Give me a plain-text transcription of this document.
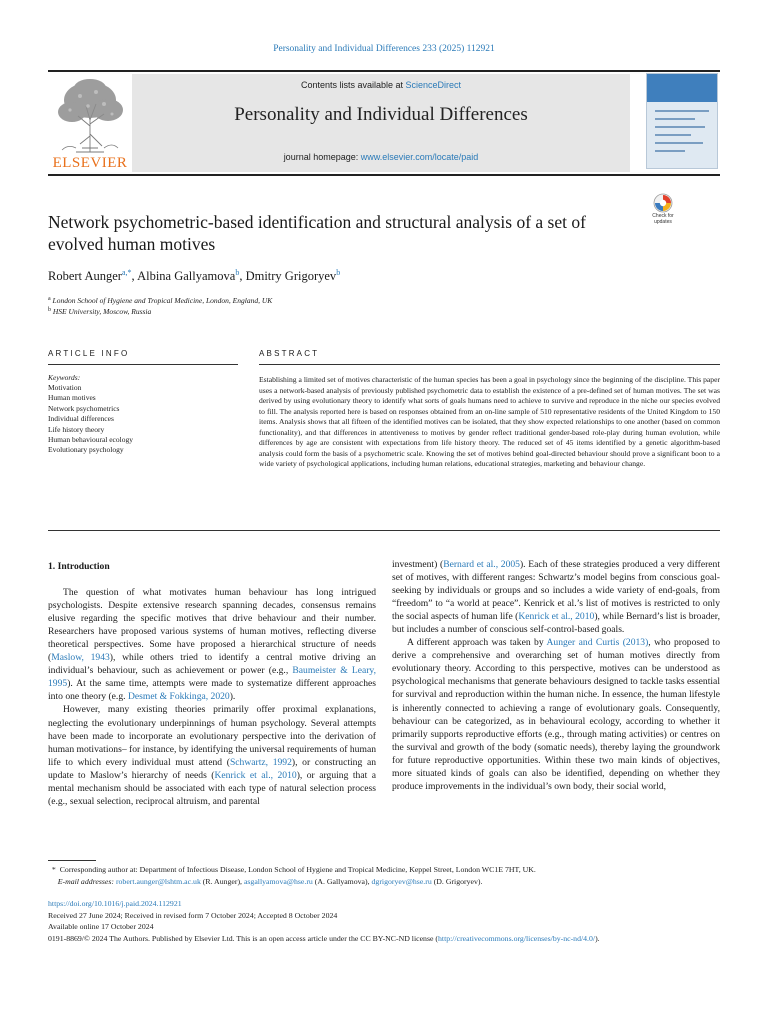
Personality and Individual Differences 233 (2025) 112921
ELSEVIER
Contents lists available at ScienceDirect
Personality and Individual Differences
journal homepage: www.elsevier.com/locate/paid
Check for
updates
Network psychometric-based identification and structural analysis of a set of evolved human motives
Robert Aunger$^{a,*}$, Albina Gallyamova$^b$, Dmitry Grigoryev$^b$
$^a$ London School of Hygiene and Tropical Medicine, London, England, UK
$^b$ HSE University, Moscow, Russia
ARTICLE INFO	ABSTRACT
Keywords:
Motivation
Human motives
Network psychometrics
Individual differences
Life history theory
Human behavioural ecology
Evolutionary psychology
Establishing a limited set of motives characteristic of the human species has been a goal in psychology since the beginning of the discipline. This paper uses a network-based analysis of previously published psychometric data to establish the existence of a pre-defined set of human motives. The set was derived by using evolutionary theory to identify what sorts of goals humans need to achieve to survive and reproduce in the niche our species evolved to fill. The analysis reported here is based on responses obtained from an on-line sample of 510 representative residents of the United Kingdom to 150 items. Analysis shows that all fifteen of the identified motives can be isolated, that they show expected relationships to one another (based on common functionality), and that differences in attentiveness to motives by gender reflect traditional gender-based role-play during human evolution, while differences by age are consistent with expectations from life history theory. The reduced set of 45 items identified by a genetic algorithm-based analysis could form the basis of a psychometric scale. Knowing the set of motives behind goal-directed behaviour should prove a significant boon to a wide variety of psychological applications, including human relations, educational strategies, marketing and behaviour change.

1. Introduction

The question of what motivates human behaviour has long intrigued psychologists. Despite extensive research spanning decades, consensus remains elusive regarding the specific motives that drive behaviour and their number. Researchers have proposed various systems of human motives, reflecting diverse theoretical perspectives. Some have proposed a hierarchical structure of needs (Maslow, 1943), while others tried to identify a central motive driving an individual’s behaviour, such as achievement or power (e.g., Baumeister & Leary, 1995). At the same time, attempts were made to systematize different approaches into one theory (e.g. Desmet & Fokkinga, 2020).

However, many existing theories primarily offer proximal explanations, neglecting the evolutionary underpinnings of human psychology. Several attempts have been made to incorporate an evolutionary perspective into the derivation of human motivations– for instance, by identifying the universal requirements of human life to which every individual must attend (Schwartz, 1992), or constructing an update to Maslow’s hierarchy of needs (Kenrick et al., 2010), or arguing that a mental mechanism should be associated with each type of natural selection process (e.g., sexual selection, reciprocal altruism, and parental

investment) (Bernard et al., 2005). Each of these strategies produced a very different set of motives, with different ranges: Schwartz’s model begins from conscious goal-seeking by individuals or groups and so includes a wide variety of end-goals, from “freedom” to “a world at peace”. Kenrick et al.’s list of motives is restricted to only the social aspects of human life (Kenrick et al., 2010), while Bernard’s list is broader, but includes a number of conscious self-control-based goals.

A different approach was taken by Aunger and Curtis (2013), who proposed to derive a comprehensive and overarching set of human motives directly from evolutionary theory. According to this perspective, motives can be understood as psychological mechanisms that generate behaviours designed to tackle tasks essential for survival and reproduction within the human niche. In essence, the human lifestyle is inherently connected to achieving a range of evolutionary goals. Consequently, behaviour can be categorized, as in behavioural ecology, according to whether it primarily supports reproductive efforts (e.g., through mating activities) or centres on the survival and growth of the body (somatic needs), thereby laying the groundwork for future reproductive opportunities. Within these two main kinds of objectives, more situated kinds of goals can also be identified, depending on whether they produce improvements in the individual’s own body, their social world,

* Corresponding author at: Department of Infectious Disease, London School of Hygiene and Tropical Medicine, Keppel Street, London WC1E 7HT, UK.
E-mail addresses: robert.aunger@lshtm.ac.uk (R. Aunger), asgallyamova@hse.ru (A. Gallyamova), dgrigoryev@hse.ru (D. Grigoryev).
https://doi.org/10.1016/j.paid.2024.112921
Received 27 June 2024; Received in revised form 7 October 2024; Accepted 8 October 2024
Available online 17 October 2024
0191-8869/© 2024 The Authors. Published by Elsevier Ltd. This is an open access article under the CC BY-NC-ND license (http://creativecommons.org/licenses/by-nc-nd/4.0/).
